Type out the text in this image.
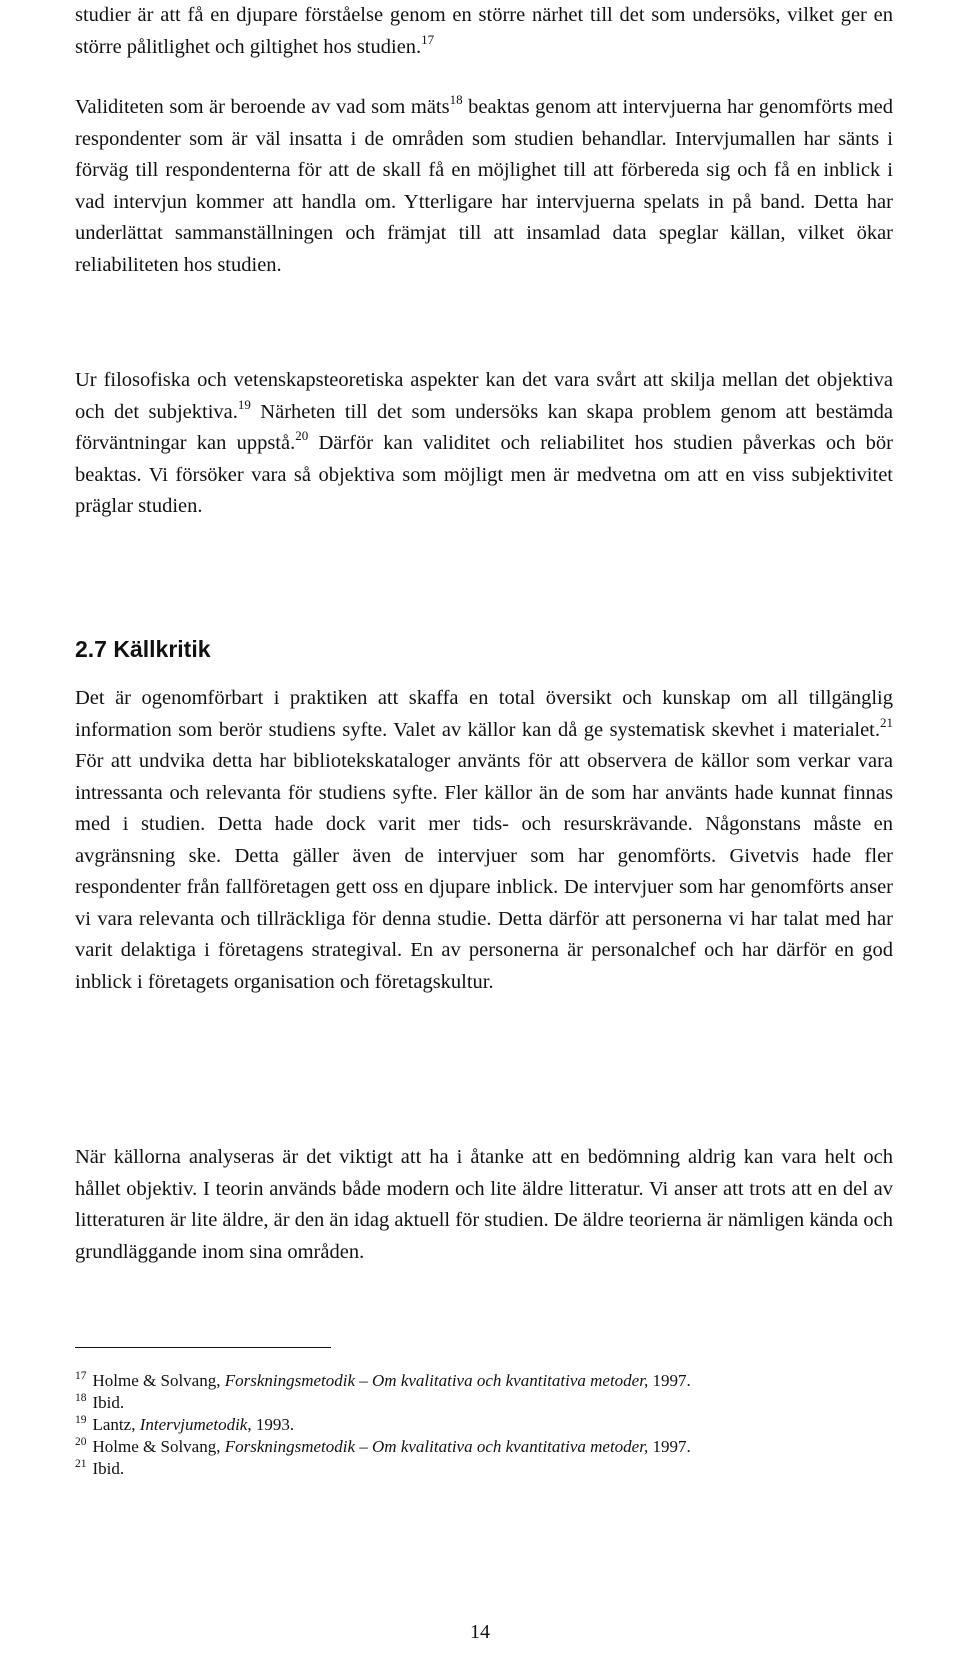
studier är att få en djupare förståelse genom en större närhet till det som undersöks, vilket ger en större pålitlighet och giltighet hos studien.$^{17}$

Validiteten som är beroende av vad som mäts$^{18}$ beaktas genom att intervjuerna har genomförts med respondenter som är väl insatta i de områden som studien behandlar. Intervjumallen har sänts i förväg till respondenterna för att de skall få en möjlighet till att förbereda sig och få en inblick i vad intervjun kommer att handla om. Ytterligare har intervjuerna spelats in på band. Detta har underlättat sammanställningen och främjat till att insamlad data speglar källan, vilket ökar reliabiliteten hos studien.

Ur filosofiska och vetenskapsteoretiska aspekter kan det vara svårt att skilja mellan det objektiva och det subjektiva.$^{19}$ Närheten till det som undersöks kan skapa problem genom att bestämda förväntningar kan uppstå.$^{20}$ Därför kan validitet och reliabilitet hos studien påverkas och bör beaktas. Vi försöker vara så objektiva som möjligt men är medvetna om att en viss subjektivitet präglar studien.

2.7 Källkritik

Det är ogenomförbart i praktiken att skaffa en total översikt och kunskap om all tillgänglig information som berör studiens syfte. Valet av källor kan då ge systematisk skevhet i materialet.$^{21}$ För att undvika detta har bibliotekskataloger använts för att observera de källor som verkar vara intressanta och relevanta för studiens syfte. Fler källor än de som har använts hade kunnat finnas med i studien. Detta hade dock varit mer tids- och resurskrävande. Någonstans måste en avgränsning ske. Detta gäller även de intervjuer som har genomförts. Givetvis hade fler respondenter från fallföretagen gett oss en djupare inblick. De intervjuer som har genomförts anser vi vara relevanta och tillräckliga för denna studie. Detta därför att personerna vi har talat med har varit delaktiga i företagens strategival. En av personerna är personalchef och har därför en god inblick i företagets organisation och företagskultur.

När källorna analyseras är det viktigt att ha i åtanke att en bedömning aldrig kan vara helt och hållet objektiv. I teorin används både modern och lite äldre litteratur. Vi anser att trots att en del av litteraturen är lite äldre, är den än idag aktuell för studien. De äldre teorierna är nämligen kända och grundläggande inom sina områden.

$^{17}$ Holme & Solvang, Forskningsmetodik – Om kvalitativa och kvantitativa metoder, 1997.
$^{18}$ Ibid.
$^{19}$ Lantz, Intervjumetodik, 1993.
$^{20}$ Holme & Solvang, Forskningsmetodik – Om kvalitativa och kvantitativa metoder, 1997.
$^{21}$ Ibid.
14
